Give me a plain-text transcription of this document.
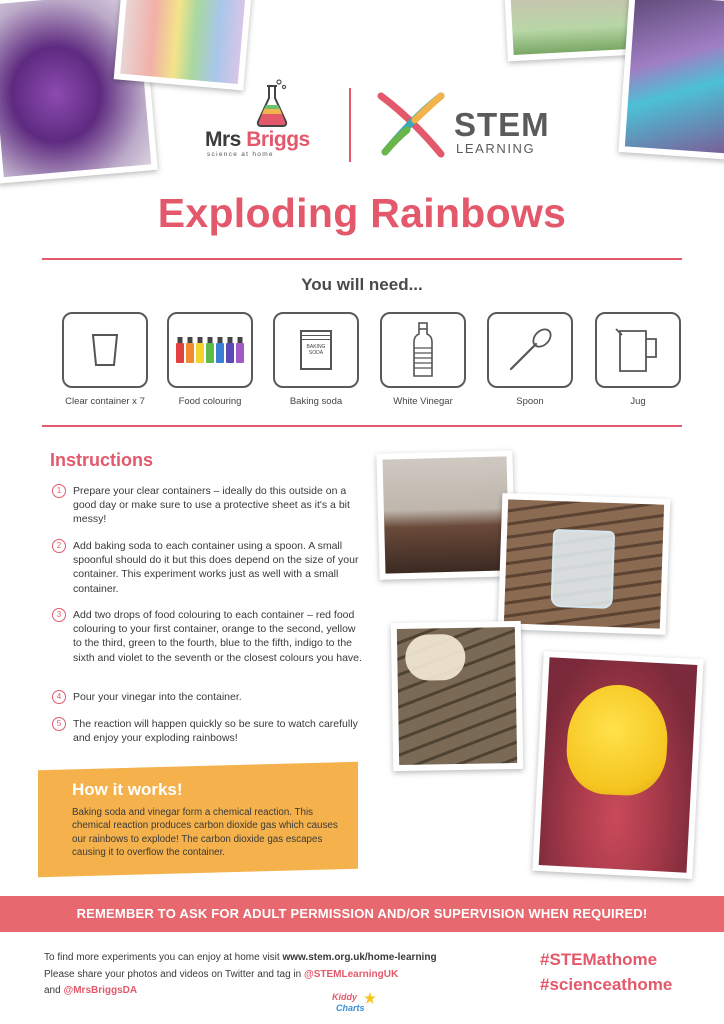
Mrs Briggs
science at home
STEM
LEARNING
Exploding Rainbows
You will need...
Clear container x 7	Food colouring
BAKING SODA
Baking soda	White Vinegar	Spoon	Jug
Instructions
1	Prepare your clear containers – ideally do this outside on a good day or make sure to use a protective sheet as it's a bit messy!
2	Add baking soda to each container using a spoon. A small spoonful should do it but this does depend on the size of your container. This experiment works just as well with a small container.
3	Add two drops of food colouring to each container – red food colouring to your first container, orange to the second, yellow to the third, green to the fourth, blue to the fifth, indigo to the sixth and violet to the seventh or the closest colours you have.
4	Pour your vinegar into the container.
5	The reaction will happen quickly so be sure to watch carefully and enjoy your exploding rainbows!
How it works!
Baking soda and vinegar form a chemical reaction. This chemical reaction produces carbon dioxide gas which causes our rainbows to explode! The carbon dioxide gas escapes causing it to overflow the container.
REMEMBER TO ASK FOR ADULT PERMISSION AND/OR SUPERVISION WHEN REQUIRED!
To find more experiments you can enjoy at home visit www.stem.org.uk/home-learning
Please share your photos and videos on Twitter and tag in @STEMLearningUK
and @MrsBriggsDA
#STEMathome
#scienceathome
Kiddy
Charts
